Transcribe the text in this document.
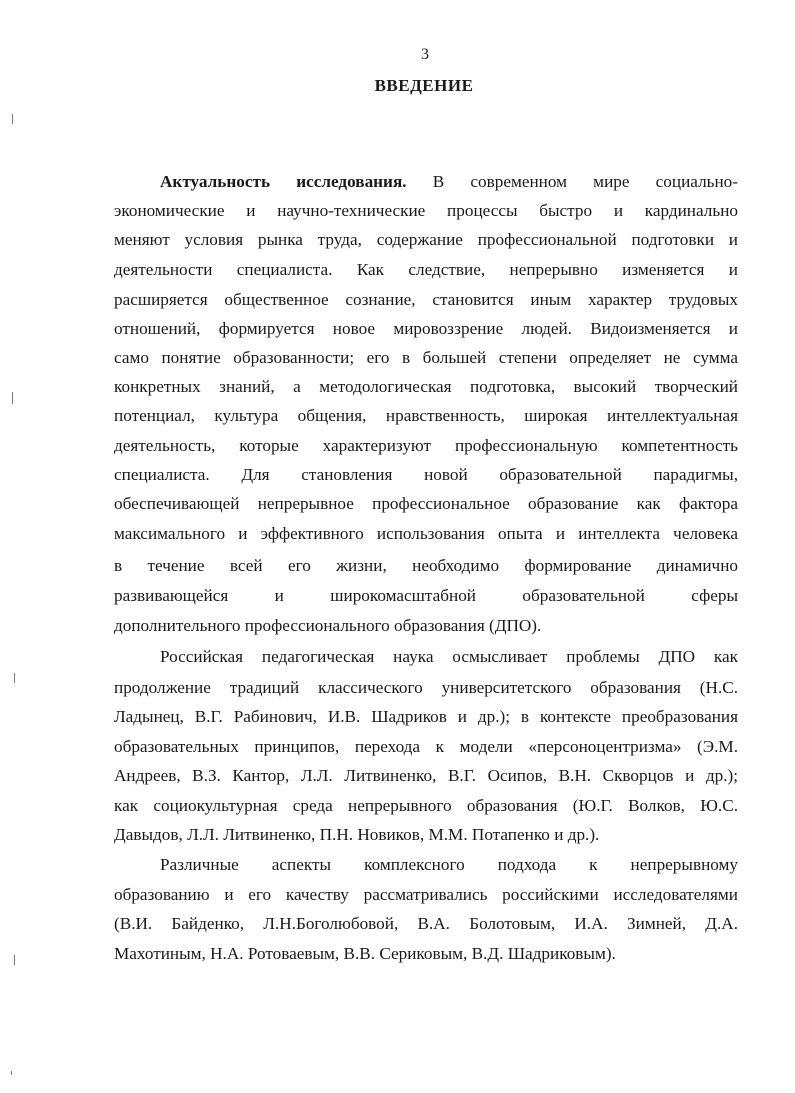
3
ВВЕДЕНИЕ
Актуальность исследования. В современном мире социально-
экономические и научно-технические процессы быстро и кардинально
меняют условия рынка труда, содержание профессиональной подготовки и
деятельности специалиста. Как следствие, непрерывно изменяется и
расширяется общественное сознание, становится иным характер трудовых
отношений, формируется новое мировоззрение людей. Видоизменяется и
само понятие образованности; его в большей степени определяет не сумма
конкретных знаний, а методологическая подготовка, высокий творческий
потенциал, культура общения, нравственность, широкая интеллектуальная
деятельность, которые характеризуют профессиональную компетентность
специалиста. Для становления новой образовательной парадигмы,
обеспечивающей непрерывное профессиональное образование как фактора
максимального и эффективного использования опыта и интеллекта человека
в течение всей его жизни, необходимо формирование динамично
развивающейся и широкомасштабной образовательной сферы
дополнительного профессионального образования (ДПО).
Российская педагогическая наука осмысливает проблемы ДПО как
продолжение традиций классического университетского образования (Н.С.
Ладынец, В.Г. Рабинович, И.В. Шадриков и др.); в контексте преобразования
образовательных принципов, перехода к модели «персоноцентризма» (Э.М.
Андреев, В.З. Кантор, Л.Л. Литвиненко, В.Г. Осипов, В.Н. Скворцов и др.);
как социокультурная среда непрерывного образования (Ю.Г. Волков, Ю.С.
Давыдов, Л.Л. Литвиненко, П.Н. Новиков, М.М. Потапенко и др.).
Различные аспекты комплексного подхода к непрерывному
образованию и его качеству рассматривались российскими исследователями
(В.И. Байденко, Л.Н.Боголюбовой, В.А. Болотовым, И.А. Зимней, Д.А.
Махотиным, Н.А. Ротоваевым, В.В. Сериковым, В.Д. Шадриковым).
